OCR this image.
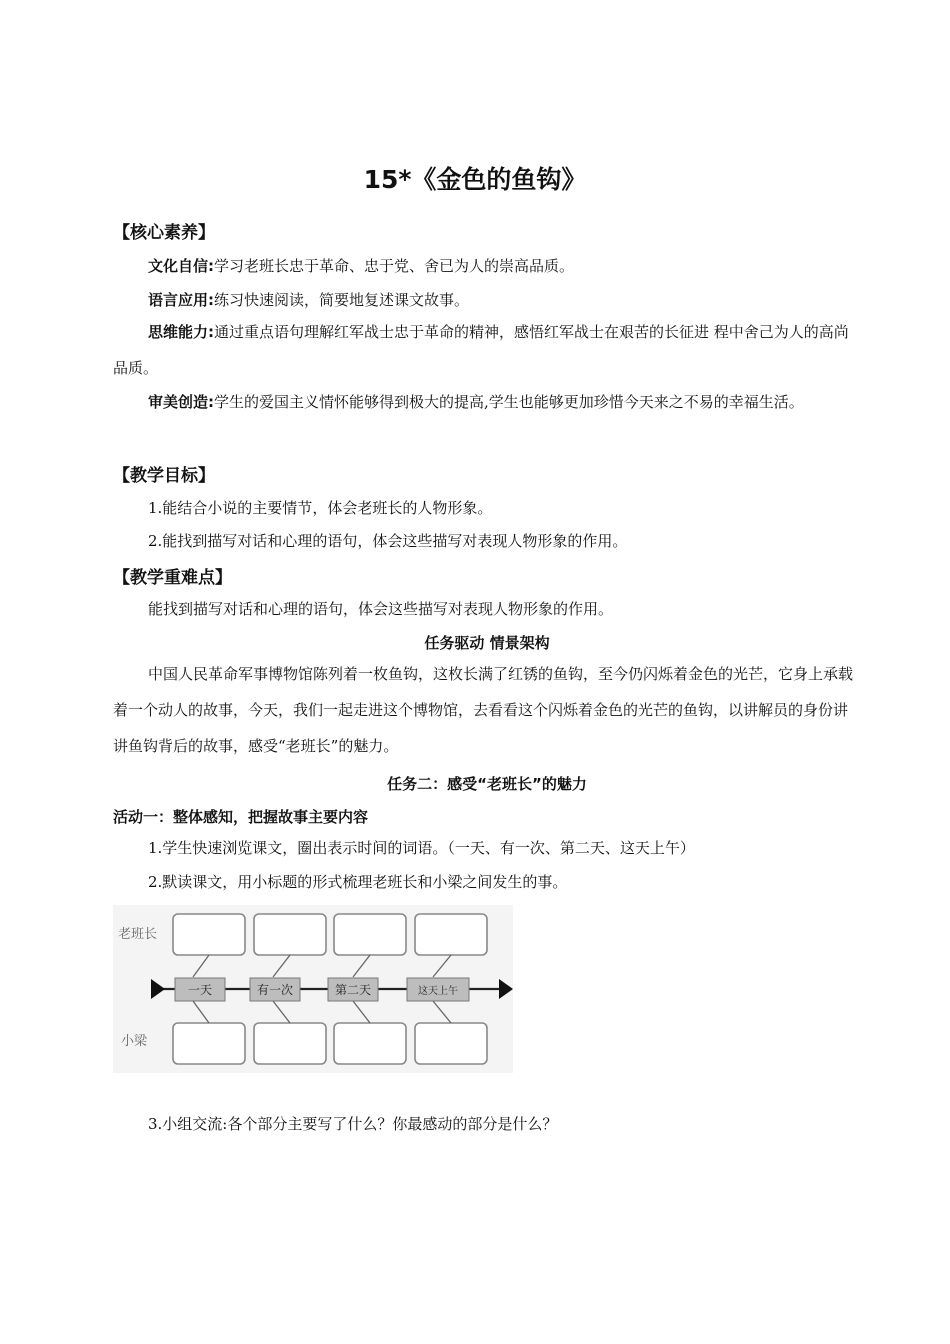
15*《金色的鱼钩》
【核心素养】
文化自信:学习老班长忠于革命、忠于党、舍已为人的崇高品质。
语言应用:练习快速阅读，简要地复述课文故事。
思维能力:通过重点语句理解红军战士忠于革命的精神，感悟红军战士在艰苦的长征进 程中舍己为人的高尚品质。
审美创造:学生的爱国主义情怀能够得到极大的提高,学生也能够更加珍惜今天来之不易的幸福生活。
【教学目标】
1.能结合小说的主要情节，体会老班长的人物形象。
2.能找到描写对话和心理的语句，体会这些描写对表现人物形象的作用。
【教学重难点】
能找到描写对话和心理的语句，体会这些描写对表现人物形象的作用。
任务驱动 情景架构
中国人民革命军事博物馆陈列着一枚鱼钩，这枚长满了红锈的鱼钩，至今仍闪烁着金色的光芒，它身上承载着一个动人的故事，今天，我们一起走进这个博物馆，去看看这个闪烁着金色的光芒的鱼钩，以讲解员的身份讲讲鱼钩背后的故事，感受“老班长”的魅力。
任务二：感受“老班长”的魅力
活动一：整体感知，把握故事主要内容
1.学生快速浏览课文，圈出表示时间的词语。（一天、有一次、第二天、这天上午）
2.默读课文，用小标题的形式梳理老班长和小梁之间发生的事。
老班长
小梁
一天	有一次	第二天	这天上午
3.小组交流:各个部分主要写了什么？你最感动的部分是什么？
